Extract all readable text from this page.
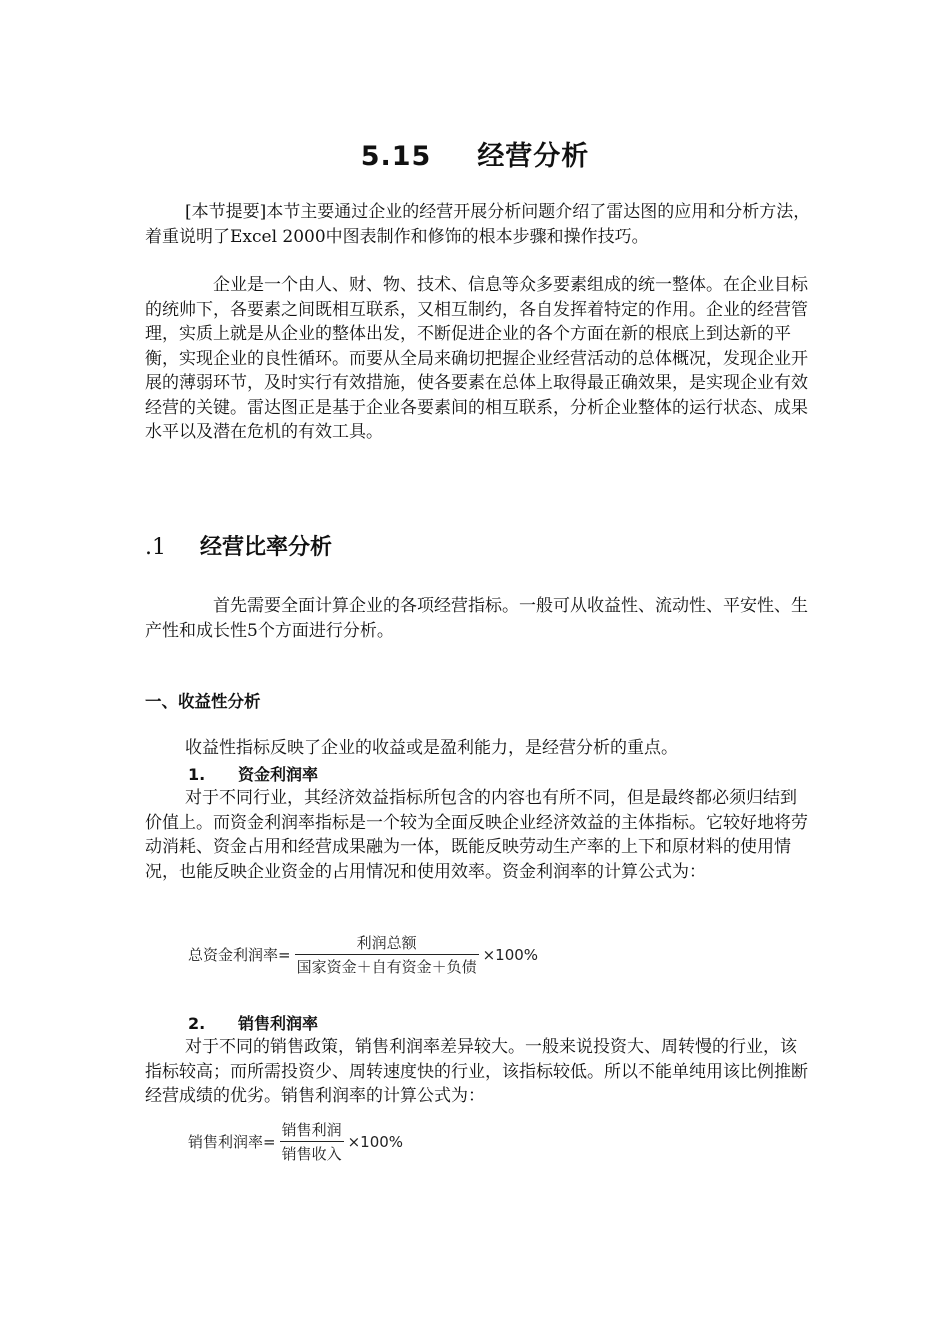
5.15 经营分析

[本节提要]本节主要通过企业的经营开展分析问题介绍了雷达图的应用和分析方法，着重说明了Excel 2000中图表制作和修饰的根本步骤和操作技巧。

企业是一个由人、财、物、技术、信息等众多要素组成的统一整体。在企业目标的统帅下，各要素之间既相互联系，又相互制约，各自发挥着特定的作用。企业的经营管理，实质上就是从企业的整体出发，不断促进企业的各个方面在新的根底上到达新的平衡，实现企业的良性循环。而要从全局来确切把握企业经营活动的总体概况，发现企业开展的薄弱环节，及时实行有效措施，使各要素在总体上取得最正确效果，是实现企业有效经营的关键。雷达图正是基于企业各要素间的相互联系，分析企业整体的运行状态、成果水平以及潜在危机的有效工具。

.1 经营比率分析

首先需要全面计算企业的各项经营指标。一般可从收益性、流动性、平安性、生产性和成长性5个方面进行分析。

一、收益性分析

收益性指标反映了企业的收益或是盈利能力，是经营分析的重点。

1. 资金利润率

对于不同行业，其经济效益指标所包含的内容也有所不同，但是最终都必须归结到价值上。而资金利润率指标是一个较为全面反映企业经济效益的主体指标。它较好地将劳动消耗、资金占用和经营成果融为一体，既能反映劳动生产率的上下和原材料的使用情况，也能反映企业资金的占用情况和使用效率。资金利润率的计算公式为：

总资金利润率 = $\frac{\text{利润总额}}{\text{国家资金＋自有资金＋负债}} \times 100\%$
2. 销售利润率

对于不同的销售政策，销售利润率差异较大。一般来说投资大、周转慢的行业，该指标较高；而所需投资少、周转速度快的行业，该指标较低。所以不能单纯用该比例推断经营成绩的优劣。销售利润率的计算公式为：

销售利润率 = $\frac{\text{销售利润}}{\text{销售收入}} \times 100\%$
